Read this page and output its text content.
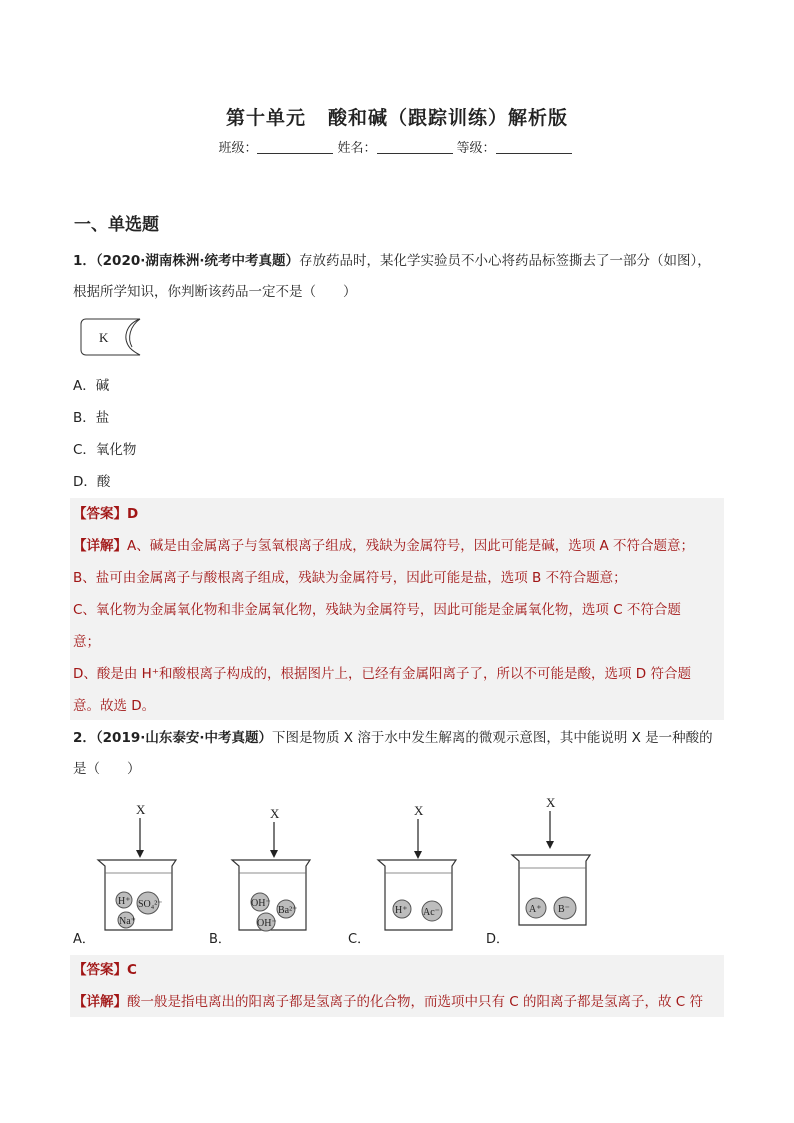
第十单元 酸和碱（跟踪训练）解析版
班级：	姓名：	等级：
一、单选题
1．（2020·湖南株洲·统考中考真题）存放药品时，某化学实验员不小心将药品标签撕去了一部分（如图），
根据所学知识，你判断该药品一定不是（　　）
K
A．碱
B．盐
C．氧化物
D．酸
【答案】D
【详解】A、碱是由金属离子与氢氧根离子组成，残缺为金属符号，因此可能是碱，选项 A 不符合题意；
B、盐可由金属离子与酸根离子组成，残缺为金属符号，因此可能是盐，选项 B 不符合题意；
C、氧化物为金属氧化物和非金属氧化物，残缺为金属符号，因此可能是金属氧化物，选项 C 不符合题
意；
D、酸是由 H⁺和酸根离子构成的，根据图片上，已经有金属阳离子了，所以不可能是酸，选项 D 符合题
意。故选 D。
2．（2019·山东泰安·中考真题）下图是物质 X 溶于水中发生解离的微观示意图，其中能说明 X 是一种酸的
是（　　）
X
H⁺ SO₄²⁻
Na⁺
A．
X
OH⁻
Ba²⁺
OH⁻
B．
X
H⁺ Ac⁻
C．
X
A⁺ B⁻
D．
【答案】C
【详解】酸一般是指电离出的阳离子都是氢离子的化合物，而选项中只有 C 的阳离子都是氢离子，故 C 符
